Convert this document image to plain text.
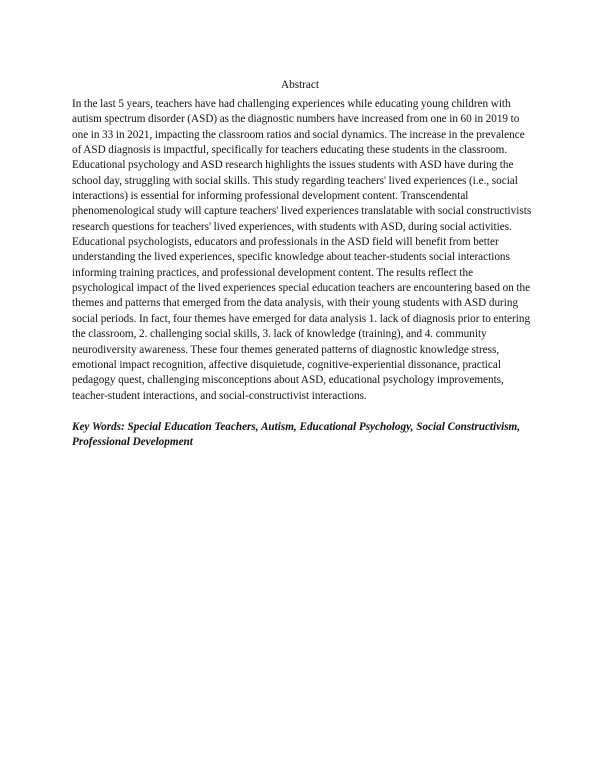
Abstract

In the last 5 years, teachers have had challenging experiences while educating young children with autism spectrum disorder (ASD) as the diagnostic numbers have increased from one in 60 in 2019 to one in 33 in 2021, impacting the classroom ratios and social dynamics. The increase in the prevalence of ASD diagnosis is impactful, specifically for teachers educating these students in the classroom. Educational psychology and ASD research highlights the issues students with ASD have during the school day, struggling with social skills. This study regarding teachers' lived experiences (i.e., social interactions) is essential for informing professional development content. Transcendental phenomenological study will capture teachers' lived experiences translatable with social constructivists research questions for teachers' lived experiences, with students with ASD, during social activities. Educational psychologists, educators and professionals in the ASD field will benefit from better understanding the lived experiences, specific knowledge about teacher-students social interactions informing training practices, and professional development content. The results reflect the psychological impact of the lived experiences special education teachers are encountering based on the themes and patterns that emerged from the data analysis, with their young students with ASD during social periods. In fact, four themes have emerged for data analysis 1. lack of diagnosis prior to entering the classroom, 2. challenging social skills, 3. lack of knowledge (training), and 4. community neurodiversity awareness. These four themes generated patterns of diagnostic knowledge stress, emotional impact recognition, affective disquietude, cognitive-experiential dissonance, practical pedagogy quest, challenging misconceptions about ASD, educational psychology improvements, teacher-student interactions, and social-constructivist interactions.

Key Words: Special Education Teachers, Autism, Educational Psychology, Social Constructivism, Professional Development
